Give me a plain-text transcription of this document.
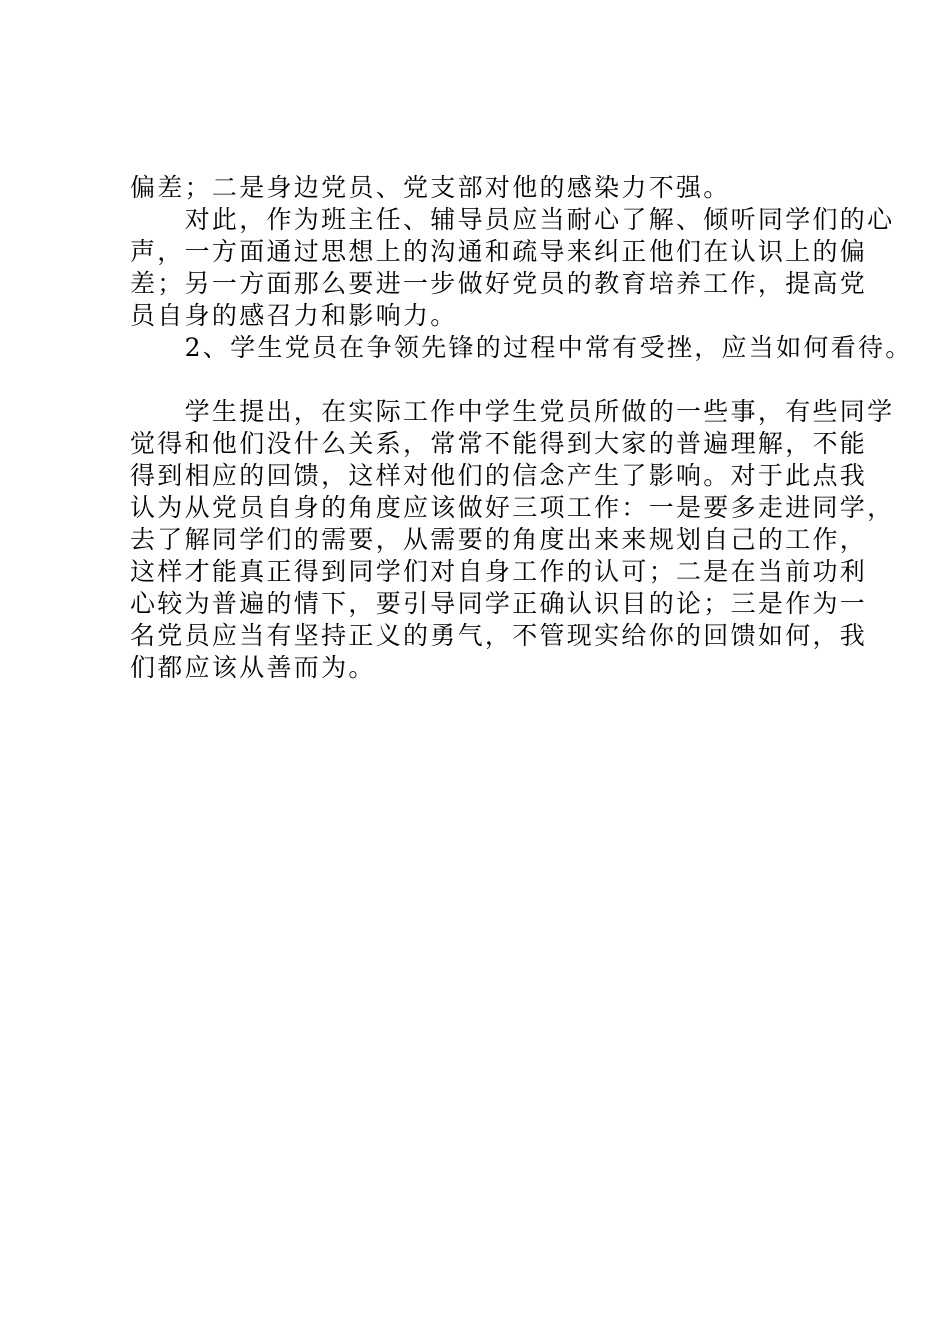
偏差；二是身边党员、党支部对他的感染力不强。
　　对此，作为班主任、辅导员应当耐心了解、倾听同学们的心
声，一方面通过思想上的沟通和疏导来纠正他们在认识上的偏
差；另一方面那么要进一步做好党员的教育培养工作，提高党
员自身的感召力和影响力。
　　2、学生党员在争领先锋的过程中常有受挫，应当如何看待。
　　学生提出，在实际工作中学生党员所做的一些事，有些同学
觉得和他们没什么关系，常常不能得到大家的普遍理解，不能
得到相应的回馈，这样对他们的信念产生了影响。对于此点我
认为从党员自身的角度应该做好三项工作：一是要多走进同学，
去了解同学们的需要，从需要的角度出来来规划自己的工作，
这样才能真正得到同学们对自身工作的认可；二是在当前功利
心较为普遍的情下，要引导同学正确认识目的论；三是作为一
名党员应当有坚持正义的勇气，不管现实给你的回馈如何，我
们都应该从善而为。
